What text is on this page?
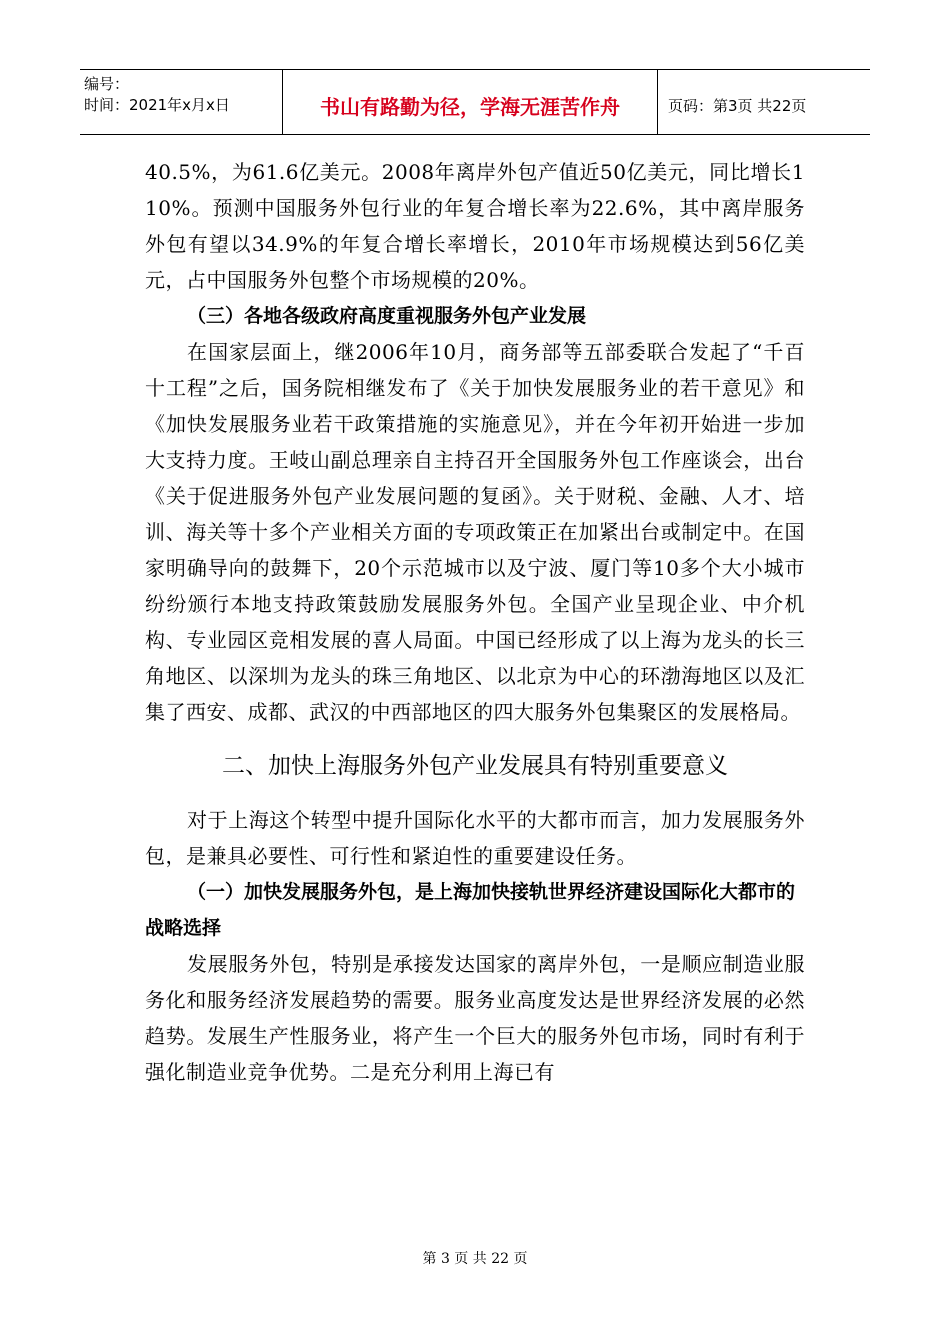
编号：
时间：2021年x月x日	书山有路勤为径，学海无涯苦作舟	页码：第3页 共22页

40.5%，为61.6亿美元。2008年离岸外包产值近50亿美元，同比增长110%。预测中国服务外包行业的年复合增长率为22.6%，其中离岸服务外包有望以34.9%的年复合增长率增长，2010年市场规模达到56亿美元，占中国服务外包整个市场规模的20%。

（三）各地各级政府高度重视服务外包产业发展

在国家层面上，继2006年10月，商务部等五部委联合发起了“千百十工程”之后，国务院相继发布了《关于加快发展服务业的若干意见》和《加快发展服务业若干政策措施的实施意见》，并在今年初开始进一步加大支持力度。王岐山副总理亲自主持召开全国服务外包工作座谈会，出台《关于促进服务外包产业发展问题的复函》。关于财税、金融、人才、培训、海关等十多个产业相关方面的专项政策正在加紧出台或制定中。在国家明确导向的鼓舞下，20个示范城市以及宁波、厦门等10多个大小城市纷纷颁行本地支持政策鼓励发展服务外包。全国产业呈现企业、中介机构、专业园区竞相发展的喜人局面。中国已经形成了以上海为龙头的长三角地区、以深圳为龙头的珠三角地区、以北京为中心的环渤海地区以及汇集了西安、成都、武汉的中西部地区的四大服务外包集聚区的发展格局。

二、加快上海服务外包产业发展具有特别重要意义

对于上海这个转型中提升国际化水平的大都市而言，加力发展服务外包，是兼具必要性、可行性和紧迫性的重要建设任务。

（一）加快发展服务外包，是上海加快接轨世界经济建设国际化大都市的战略选择

发展服务外包，特别是承接发达国家的离岸外包，一是顺应制造业服务化和服务经济发展趋势的需要。服务业高度发达是世界经济发展的必然趋势。发展生产性服务业，将产生一个巨大的服务外包市场，同时有利于强化制造业竞争优势。二是充分利用上海已有

第 3 页 共 22 页
